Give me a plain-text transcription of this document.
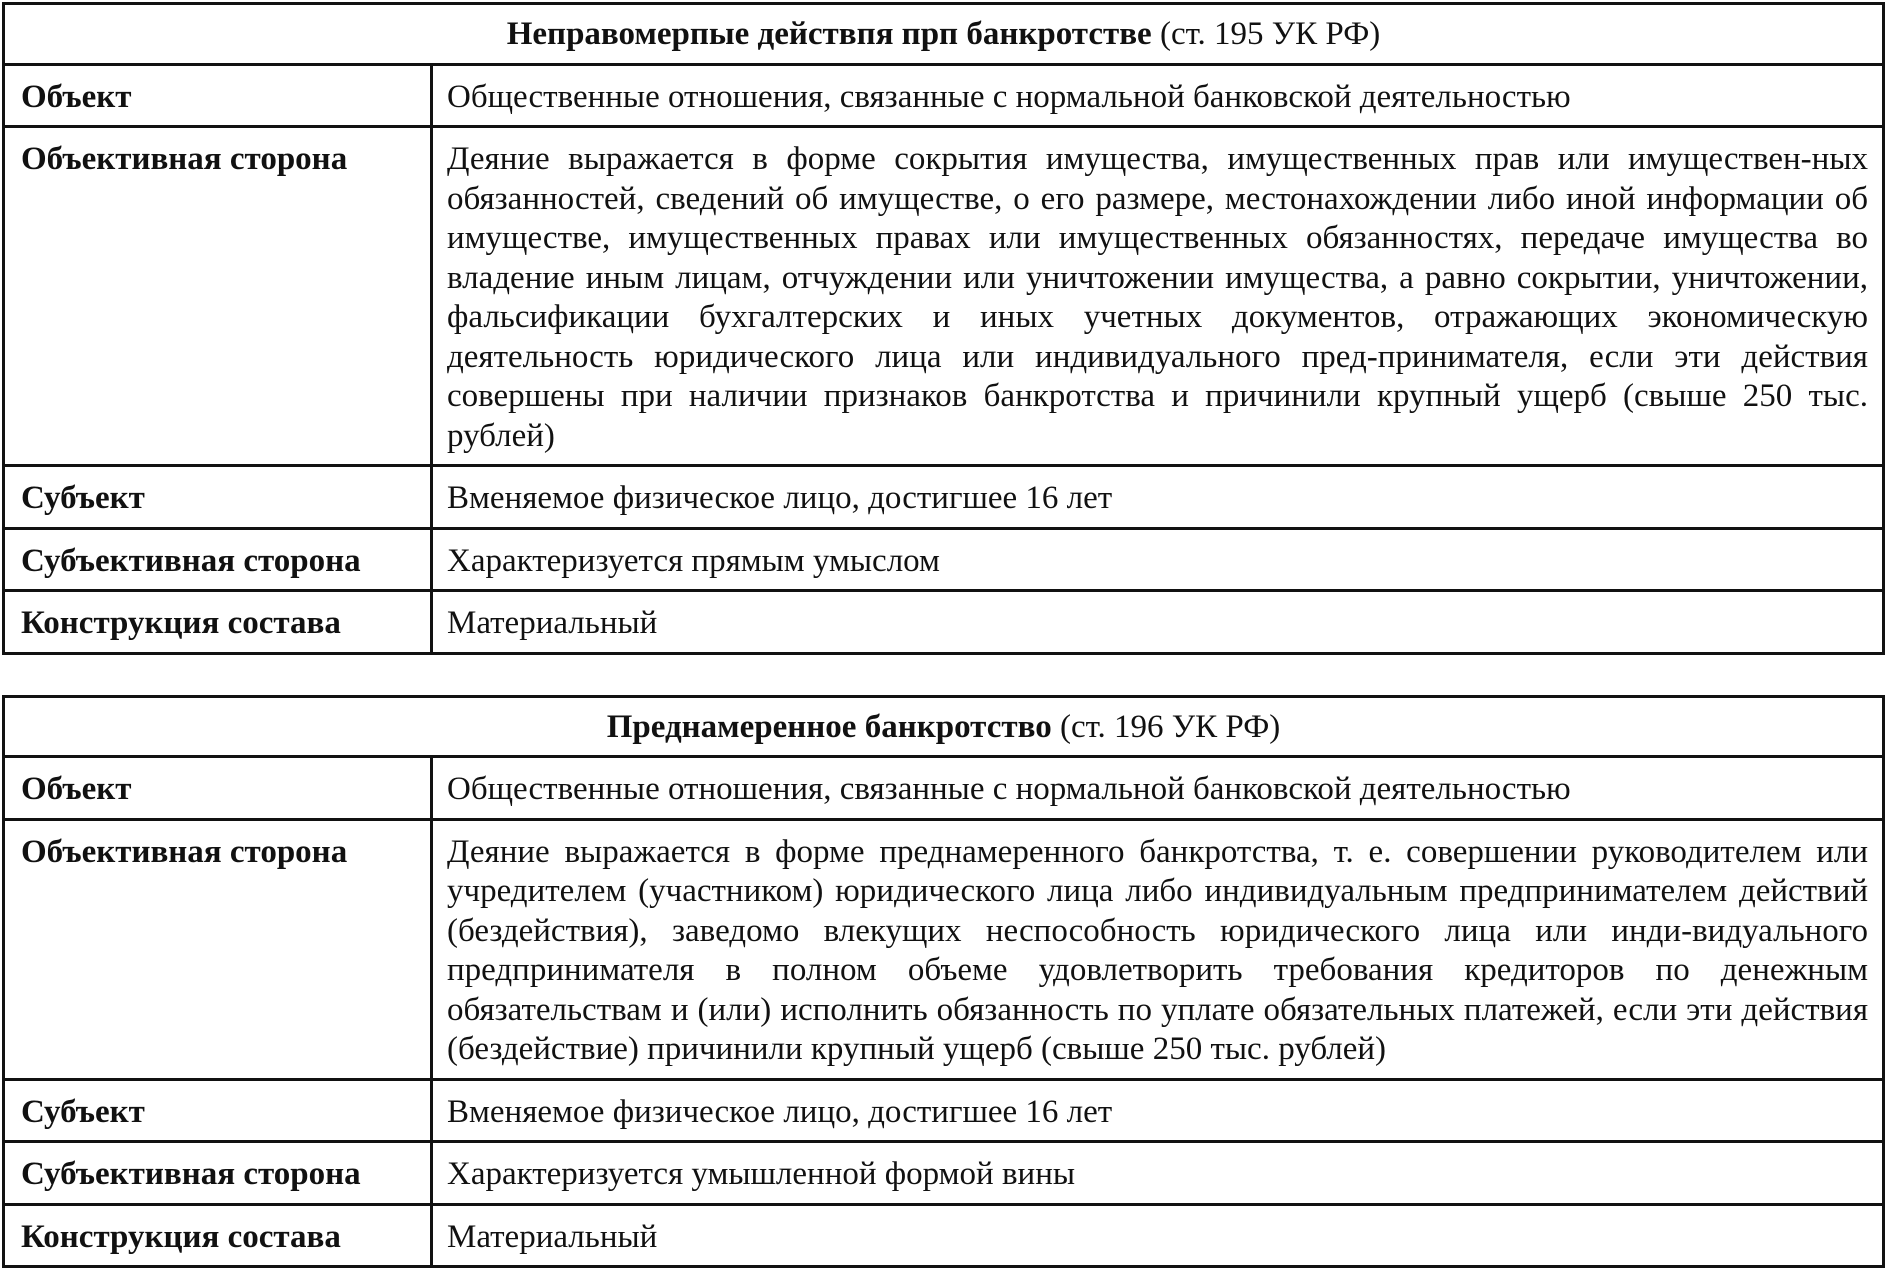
Неправомерпые действпя прп банкротстве (ст. 195 УК РФ)	
Объект	Общественные отношения, связанные с нормальной банковской деятельностью
Объективная сторона	Деяние выражается в форме сокрытия имущества, имущественных прав или имуществен-ных обязанностей, сведений об имуществе, о его размере, местонахождении либо иной информации об имуществе, имущественных правах или имущественных обязанностях, передаче имущества во владение иным лицам, отчуждении или уничтожении имущества, а равно сокрытии, уничтожении, фальсификации бухгалтерских и иных учетных документов, отражающих экономическую деятельность юридического лица или индивидуального пред-принимателя, если эти действия совершены при наличии признаков банкротства и причинили крупный ущерб (свыше 250 тыс. рублей)
Субъект	Вменяемое физическое лицо, достигшее 16 лет
Субъективная сторона	Характеризуется прямым умыслом
Конструкция состава	Материальный
Преднамеренное банкротство (ст. 196 УК РФ)	
Объект	Общественные отношения, связанные с нормальной банковской деятельностью
Объективная сторона	Деяние выражается в форме преднамеренного банкротства, т. е. совершении руководителем или учредителем (участником) юридического лица либо индивидуальным предпринимателем действий (бездействия), заведомо влекущих неспособность юридического лица или инди-видуального предпринимателя в полном объеме удовлетворить требования кредиторов по денежным обязательствам и (или) исполнить обязанность по уплате обязательных платежей, если эти действия (бездействие) причинили крупный ущерб (свыше 250 тыс. рублей)
Субъект	Вменяемое физическое лицо, достигшее 16 лет
Субъективная сторона	Характеризуется умышленной формой вины
Конструкция состава	Материальный
